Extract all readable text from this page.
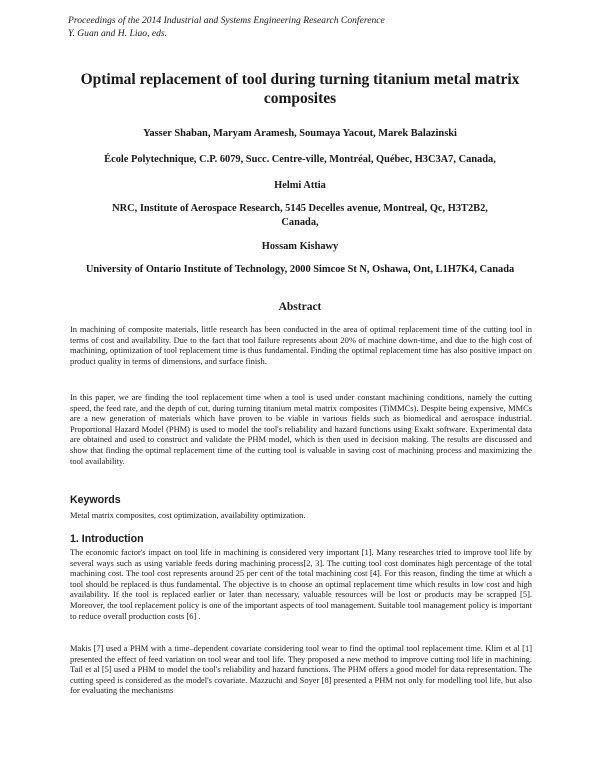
Proceedings of the 2014 Industrial and Systems Engineering Research Conference
Y. Guan and H. Liao, eds.
Optimal replacement of tool during turning titanium metal matrix composites
Yasser Shaban, Maryam Aramesh, Soumaya Yacout, Marek Balazinski
École Polytechnique, C.P. 6079, Succ. Centre-ville, Montréal, Québec, H3C3A7, Canada,
Helmi Attia
NRC, Institute of Aerospace Research, 5145 Decelles avenue, Montreal, Qc, H3T2B2, Canada,
Hossam Kishawy
University of Ontario Institute of Technology, 2000 Simcoe St N, Oshawa, Ont, L1H7K4, Canada
Abstract
In machining of composite materials, little research has been conducted in the area of optimal replacement time of the cutting tool in terms of cost and availability. Due to the fact that tool failure represents about 20% of machine down-time, and due to the high cost of machining, optimization of tool replacement time is thus fundamental. Finding the optimal replacement time has also positive impact on product quality in terms of dimensions, and surface finish.
In this paper, we are finding the tool replacement time when a tool is used under constant machining conditions, namely the cutting speed, the feed rate, and the depth of cut, during turning titanium metal matrix composites (TiMMCs). Despite being expensive, MMCs are a new generation of materials which have proven to be viable in various fields such as biomedical and aerospace industrial. Proportional Hazard Model (PHM) is used to model the tool's reliability and hazard functions using Exakt software. Experimental data are obtained and used to construct and validate the PHM model, which is then used in decision making. The results are discussed and show that finding the optimal replacement time of the cutting tool is valuable in saving cost of machining process and maximizing the tool availability.
Keywords
Metal matrix composites, cost optimization, availability optimization.
1. Introduction
The economic factor's impact on tool life in machining is considered very important [1]. Many researches tried to improve tool life by several ways such as using variable feeds during machining process[2, 3]. The cutting tool cost dominates high percentage of the total machining cost. The tool cost represents around 25 per cent of the total machining cost [4]. For this reason, finding the time at which a tool should be replaced is thus fundamental. The objective is to choose an optimal replacement time which results in low cost and high availability. If the tool is replaced earlier or later than necessary, valuable resources will be lost or products may be scrapped [5]. Moreover, the tool replacement policy is one of the important aspects of tool management. Suitable tool management policy is important to reduce overall production costs [6] .
Makis [7] used a PHM with a time–dependent covariate considering tool wear to find the optimal tool replacement time. Klim et al [1] presented the effect of feed variation on tool wear and tool life. They proposed a new method to improve cutting tool life in machining. Tail et al [5] used a PHM to model the tool's reliability and hazard functions. The PHM offers a good model for data representation. The cutting speed is considered as the model's covariate. Mazzuchi and Soyer [8] presented a PHM not only for modelling tool life, but also for evaluating the mechanisms
